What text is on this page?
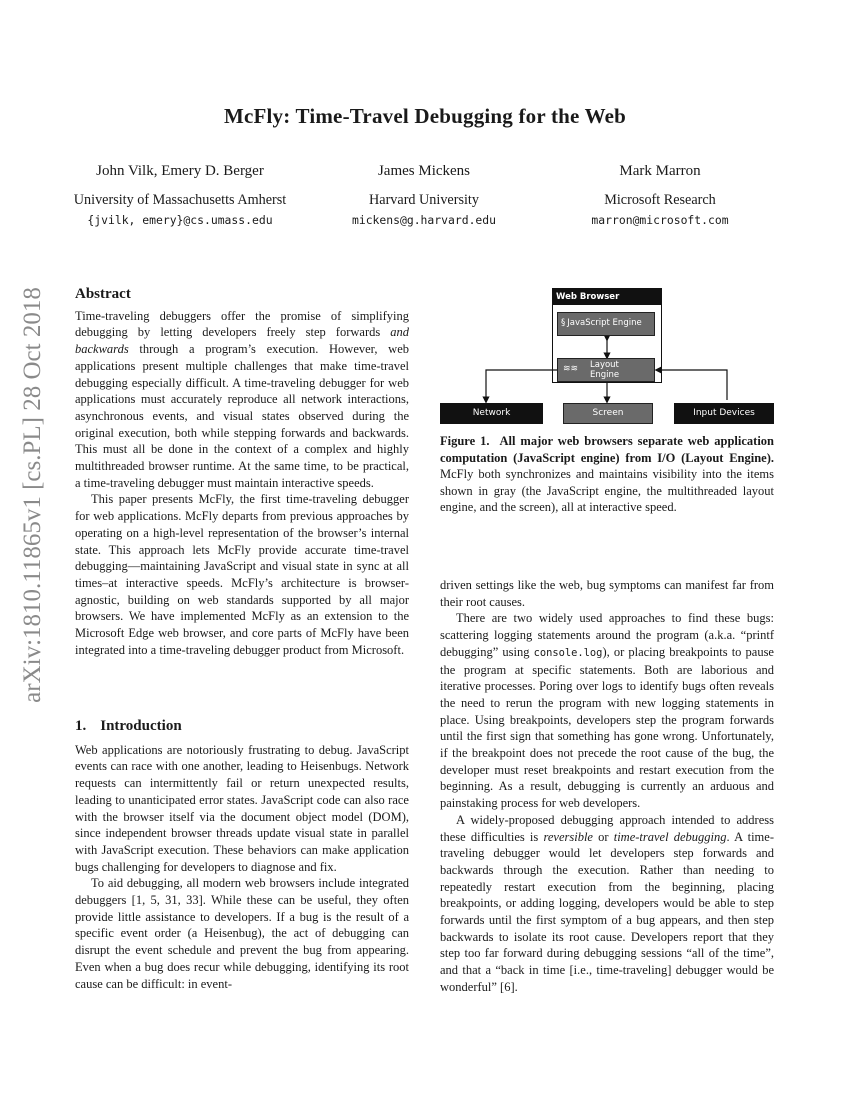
arXiv:1810.11865v1 [cs.PL] 28 Oct 2018
McFly: Time-Travel Debugging for the Web
John Vilk, Emery D. Berger
University of Massachusetts Amherst
{jvilk, emery}@cs.umass.edu
James Mickens
Harvard University
mickens@g.harvard.edu
Mark Marron
Microsoft Research
marron@microsoft.com
Abstract

Time-traveling debuggers offer the promise of simplifying debugging by letting developers freely step forwards and backwards through a program’s execution. However, web applications present multiple challenges that make time-travel debugging especially difficult. A time-traveling debugger for web applications must accurately reproduce all network interactions, asynchronous events, and visual states observed during the original execution, both while stepping forwards and backwards. This must all be done in the context of a complex and highly multithreaded browser runtime. At the same time, to be practical, a time-traveling debugger must maintain interactive speeds.

This paper presents McFly, the first time-traveling debugger for web applications. McFly departs from previous approaches by operating on a high-level representation of the browser’s internal state. This approach lets McFly provide accurate time-travel debugging—maintaining JavaScript and visual state in sync at all times–at interactive speeds. McFly’s architecture is browser-agnostic, building on web standards supported by all major browsers. We have implemented McFly as an extension to the Microsoft Edge web browser, and core parts of McFly have been integrated into a time-traveling debugger product from Microsoft.

1. Introduction

Web applications are notoriously frustrating to debug. JavaScript events can race with one another, leading to Heisenbugs. Network requests can intermittently fail or return unexpected results, leading to unanticipated error states. JavaScript code can also race with the browser itself via the document object model (DOM), since independent browser threads update visual state in parallel with JavaScript execution. These behaviors can make application bugs challenging for developers to diagnose and fix.

To aid debugging, all modern web browsers include integrated debuggers [1, 5, 31, 33]. While these can be useful, they often provide little assistance to developers. If a bug is the result of a specific event order (a Heisenbug), the act of debugging can disrupt the event schedule and prevent the bug from appearing. Even when a bug does recur while debugging, identifying its root cause can be difficult: in event-

Web Browser
§ JavaScript Engine
≋≋	Layout
Engine
Network	Screen	Input Devices
Figure 1. All major web browsers separate web application computation (JavaScript engine) from I/O (Layout Engine). McFly both synchronizes and maintains visibility into the items shown in gray (the JavaScript engine, the multithreaded layout engine, and the screen), all at interactive speed.

driven settings like the web, bug symptoms can manifest far from their root causes.

There are two widely used approaches to find these bugs: scattering logging statements around the program (a.k.a. “printf debugging” using console.log), or placing breakpoints to pause the program at specific statements. Both are laborious and iterative processes. Poring over logs to identify bugs often reveals the need to rerun the program with new logging statements in place. Using breakpoints, developers step the program forwards until the first sign that something has gone wrong. Unfortunately, if the breakpoint does not precede the root cause of the bug, the developer must reset breakpoints and restart execution from the beginning. As a result, debugging is currently an arduous and painstaking process for web developers.

A widely-proposed debugging approach intended to address these difficulties is reversible or time-travel debugging. A time-traveling debugger would let developers step forwards and backwards through the execution. Rather than needing to repeatedly restart execution from the beginning, placing breakpoints, or adding logging, developers would be able to step forwards until the first symptom of a bug appears, and then step backwards to isolate its root cause. Developers report that they step too far forward during debugging sessions “all of the time”, and that a “back in time [i.e., time-traveling] debugger would be wonderful” [6].
